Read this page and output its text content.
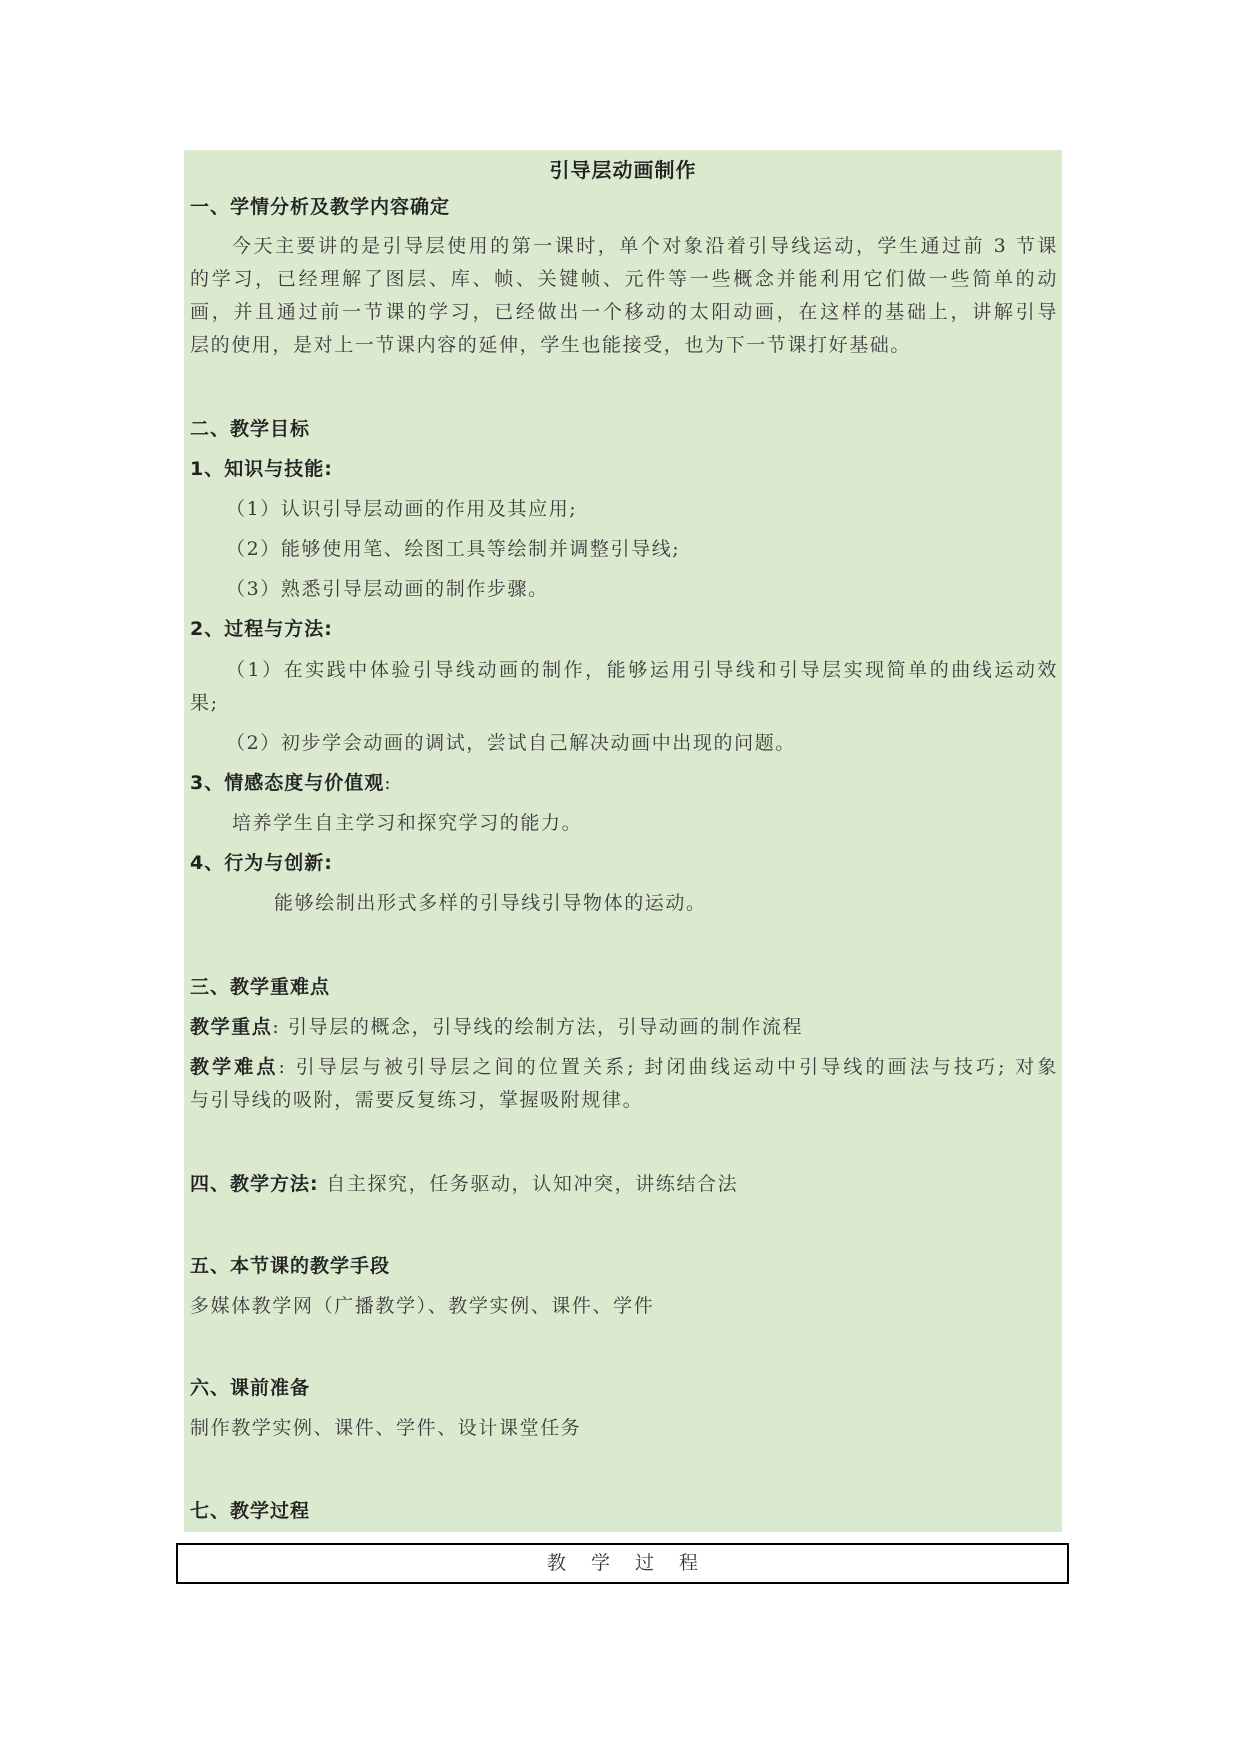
引导层动画制作
一、学情分析及教学内容确定
今天主要讲的是引导层使用的第一课时，单个对象沿着引导线运动，学生通过前 3 节课
的学习，已经理解了图层、库、帧、关键帧、元件等一些概念并能利用它们做一些简单的动
画，并且通过前一节课的学习，已经做出一个移动的太阳动画，在这样的基础上，讲解引导
层的使用，是对上一节课内容的延伸，学生也能接受，也为下一节课打好基础。
二、教学目标
1、知识与技能:
（1）认识引导层动画的作用及其应用;
（2）能够使用笔、绘图工具等绘制并调整引导线;
（3）熟悉引导层动画的制作步骤。
2、过程与方法:
（1）在实践中体验引导线动画的制作，能够运用引导线和引导层实现简单的曲线运动效
果;
（2）初步学会动画的调试，尝试自己解决动画中出现的问题。
3、情感态度与价值观:
培养学生自主学习和探究学习的能力。
4、行为与创新:
能够绘制出形式多样的引导线引导物体的运动。
三、教学重难点
教学重点: 引导层的概念，引导线的绘制方法，引导动画的制作流程
教学难点: 引导层与被引导层之间的位置关系; 封闭曲线运动中引导线的画法与技巧; 对象
与引导线的吸附，需要反复练习，掌握吸附规律。
四、教学方法: 自主探究，任务驱动，认知冲突，讲练结合法
五、本节课的教学手段
多媒体教学网（广播教学）、教学实例、课件、学件
六、课前准备
制作教学实例、课件、学件、设计课堂任务
七、教学过程
教学过程
